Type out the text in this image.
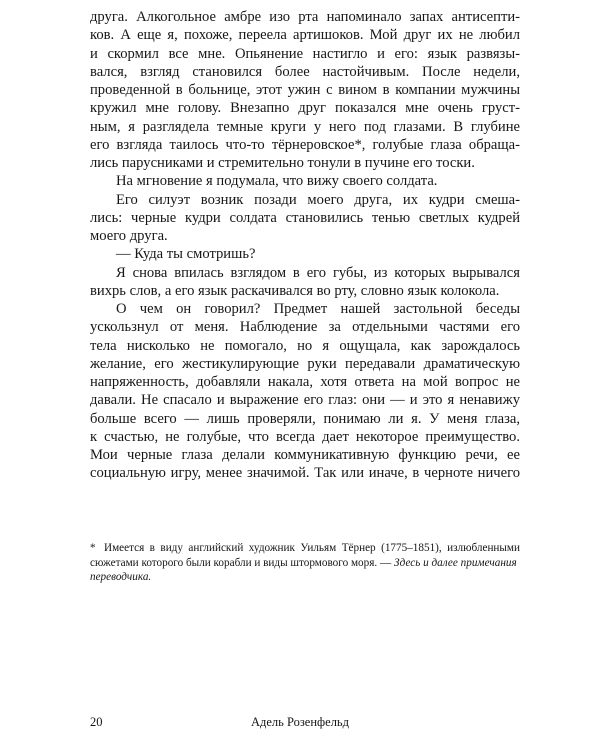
друга. Алкогольное амбре изо рта напоминало запах антисепти-
ков. А еще я, похоже, переела артишоков. Мой друг их не любил
и скормил все мне. Опьянение настигло и его: язык развязы-
вался, взгляд становился более настойчивым. После недели,
проведенной в больнице, этот ужин с вином в компании мужчины
кружил мне голову. Внезапно друг показался мне очень груст-
ным, я разглядела темные круги у него под глазами. В глубине
его взгляда таилось что-то тёрнеровское*, голубые глаза обраща-
лись парусниками и стремительно тонули в пучине его тоски.
На мгновение я подумала, что вижу своего солдата.
Его силуэт возник позади моего друга, их кудри смеша-
лись: черные кудри солдата становились тенью светлых кудрей
моего друга.
— Куда ты смотришь?
Я снова впилась взглядом в его губы, из которых вырывался
вихрь слов, а его язык раскачивался во рту, словно язык колокола.
О чем он говорил? Предмет нашей застольной беседы
ускользнул от меня. Наблюдение за отдельными частями его
тела нисколько не помогало, но я ощущала, как зарождалось
желание, его жестикулирующие руки передавали драматическую
напряженность, добавляли накала, хотя ответа на мой вопрос не
давали. Не спасало и выражение его глаз: они — и это я ненавижу
больше всего — лишь проверяли, понимаю ли я. У меня глаза,
к счастью, не голубые, что всегда дает некоторое преимущество.
Мои черные глаза делали коммуникативную функцию речи, ее
социальную игру, менее значимой. Так или иначе, в черноте ничего
* Имеется в виду английский художник Уильям Тёрнер (1775–1851), излюбленными
сюжетами которого были корабли и виды штормового моря. — Здесь и далее примечания
переводчика.
20	Адель Розенфельд
